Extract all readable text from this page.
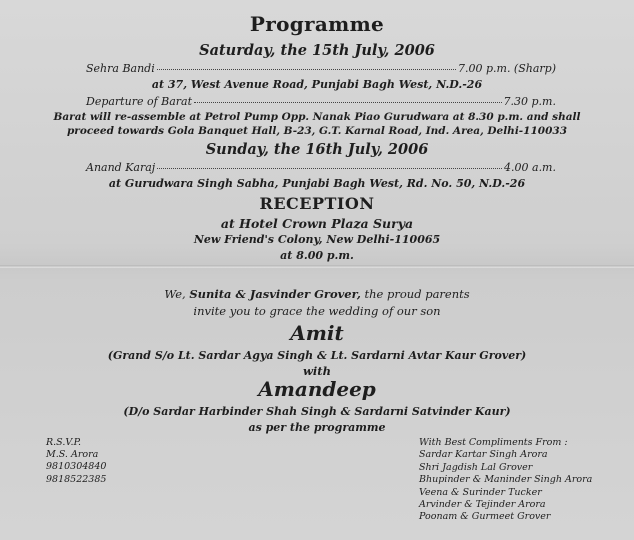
Programme
Saturday, the 15th July, 2006
Sehra Bandi	7.00 p.m. (Sharp)
at 37, West Avenue Road, Punjabi Bagh West, N.D.-26
Departure of Barat	7.30 p.m.
Barat will re-assemble at Petrol Pump Opp. Nanak Piao Gurudwara at 8.30 p.m. and shall
proceed towards Gola Banquet Hall, B-23, G.T. Karnal Road, Ind. Area, Delhi-110033
Sunday, the 16th July, 2006
Anand Karaj	4.00 a.m.
at Gurudwara Singh Sabha, Punjabi Bagh West, Rd. No. 50, N.D.-26
RECEPTION
at Hotel Crown Plaza Surya
New Friend's Colony, New Delhi-110065
at 8.00 p.m.
We, Sunita & Jasvinder Grover, the proud parents
invite you to grace the wedding of our son
Amit
(Grand S/o Lt. Sardar Agya Singh & Lt. Sardarni Avtar Kaur Grover)
with
Amandeep
(D/o Sardar Harbinder Shah Singh & Sardarni Satvinder Kaur)
as per the programme
R.S.V.P.
M.S. Arora
9810304840
9818522385
With Best Compliments From :
Sardar Kartar Singh Arora
Shri Jagdish Lal Grover
Bhupinder & Maninder Singh Arora
Veena & Surinder Tucker
Arvinder & Tejinder Arora
Poonam & Gurmeet Grover
